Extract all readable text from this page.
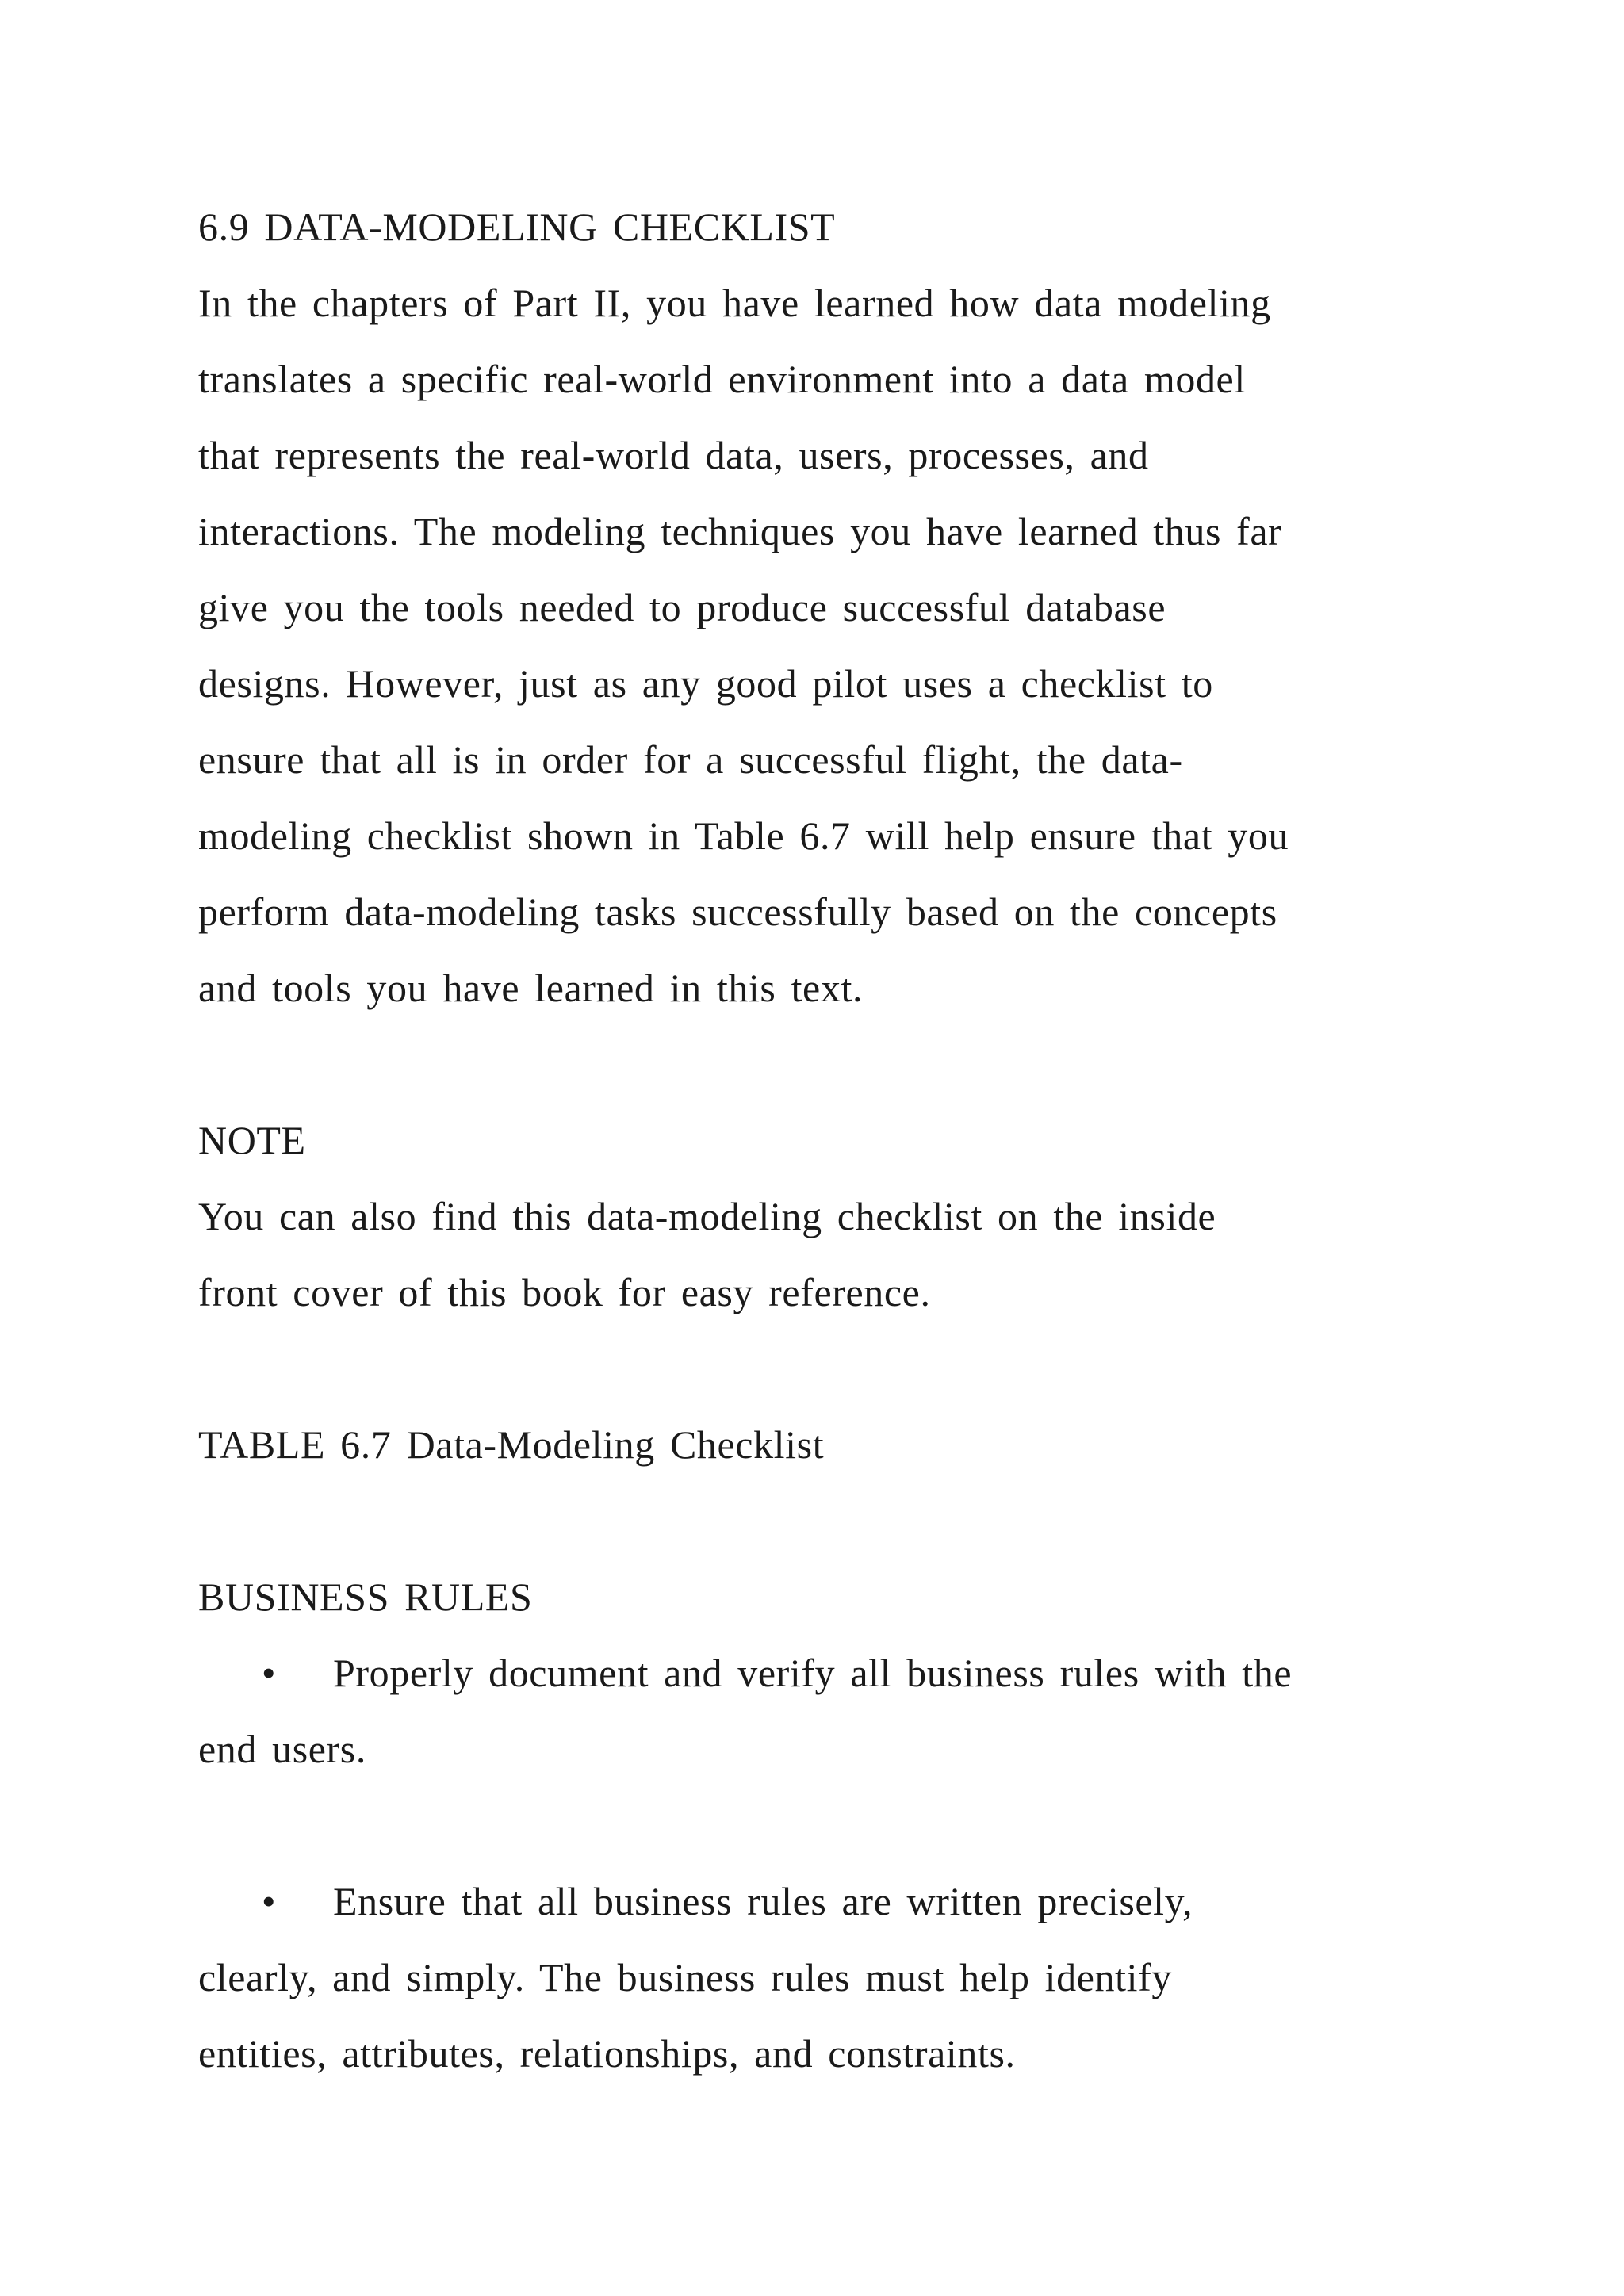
6.9 DATA-MODELING CHECKLIST
In the chapters of Part II, you have learned how data modeling
translates a specific real-world environment into a data model
that represents the real-world data, users, processes, and
interactions. The modeling techniques you have learned thus far
give you the tools needed to produce successful database
designs. However, just as any good pilot uses a checklist to
ensure that all is in order for a successful flight, the data-
modeling checklist shown in Table 6.7 will help ensure that you
perform data-modeling tasks successfully based on the concepts
and tools you have learned in this text.
NOTE
You can also find this data-modeling checklist on the inside
front cover of this book for easy reference.
TABLE 6.7 Data-Modeling Checklist
BUSINESS RULES
• Properly document and verify all business rules with the
end users.
• Ensure that all business rules are written precisely,
clearly, and simply. The business rules must help identify
entities, attributes, relationships, and constraints.
